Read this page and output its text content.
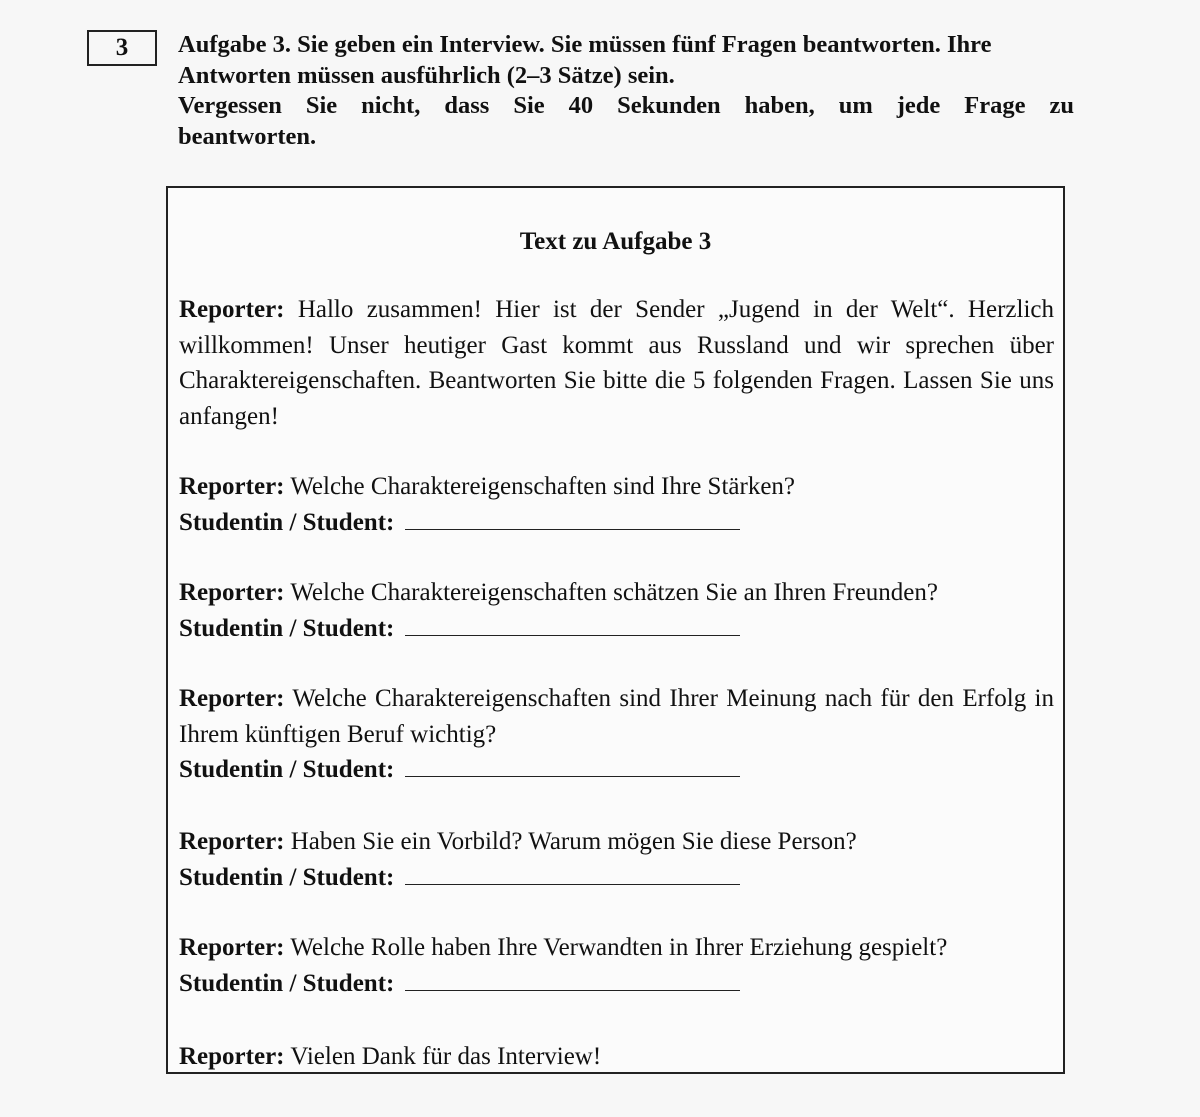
3	Aufgabe 3. Sie geben ein Interview. Sie müssen fünf Fragen beantworten. Ihre

Antworten müssen ausführlich (2–3 Sätze) sein.

Vergessen Sie nicht, dass Sie 40 Sekunden haben, um jede Frage zu

beantworten.

Text zu Aufgabe 3

Reporter: Hallo zusammen! Hier ist der Sender „Jugend in der Welt“. Herzlich willkommen! Unser heutiger Gast kommt aus Russland und wir sprechen über Charaktereigenschaften. Beantworten Sie bitte die 5 folgenden Fragen. Lassen Sie uns anfangen!

Reporter: Welche Charaktereigenschaften sind Ihre Stärken?

Studentin / Student:

Reporter: Welche Charaktereigenschaften schätzen Sie an Ihren Freunden?

Studentin / Student:

Reporter: Welche Charaktereigenschaften sind Ihrer Meinung nach für den Erfolg in Ihrem künftigen Beruf wichtig?

Studentin / Student:

Reporter: Haben Sie ein Vorbild? Warum mögen Sie diese Person?

Studentin / Student:

Reporter: Welche Rolle haben Ihre Verwandten in Ihrer Erziehung gespielt?

Studentin / Student:

Reporter: Vielen Dank für das Interview!
